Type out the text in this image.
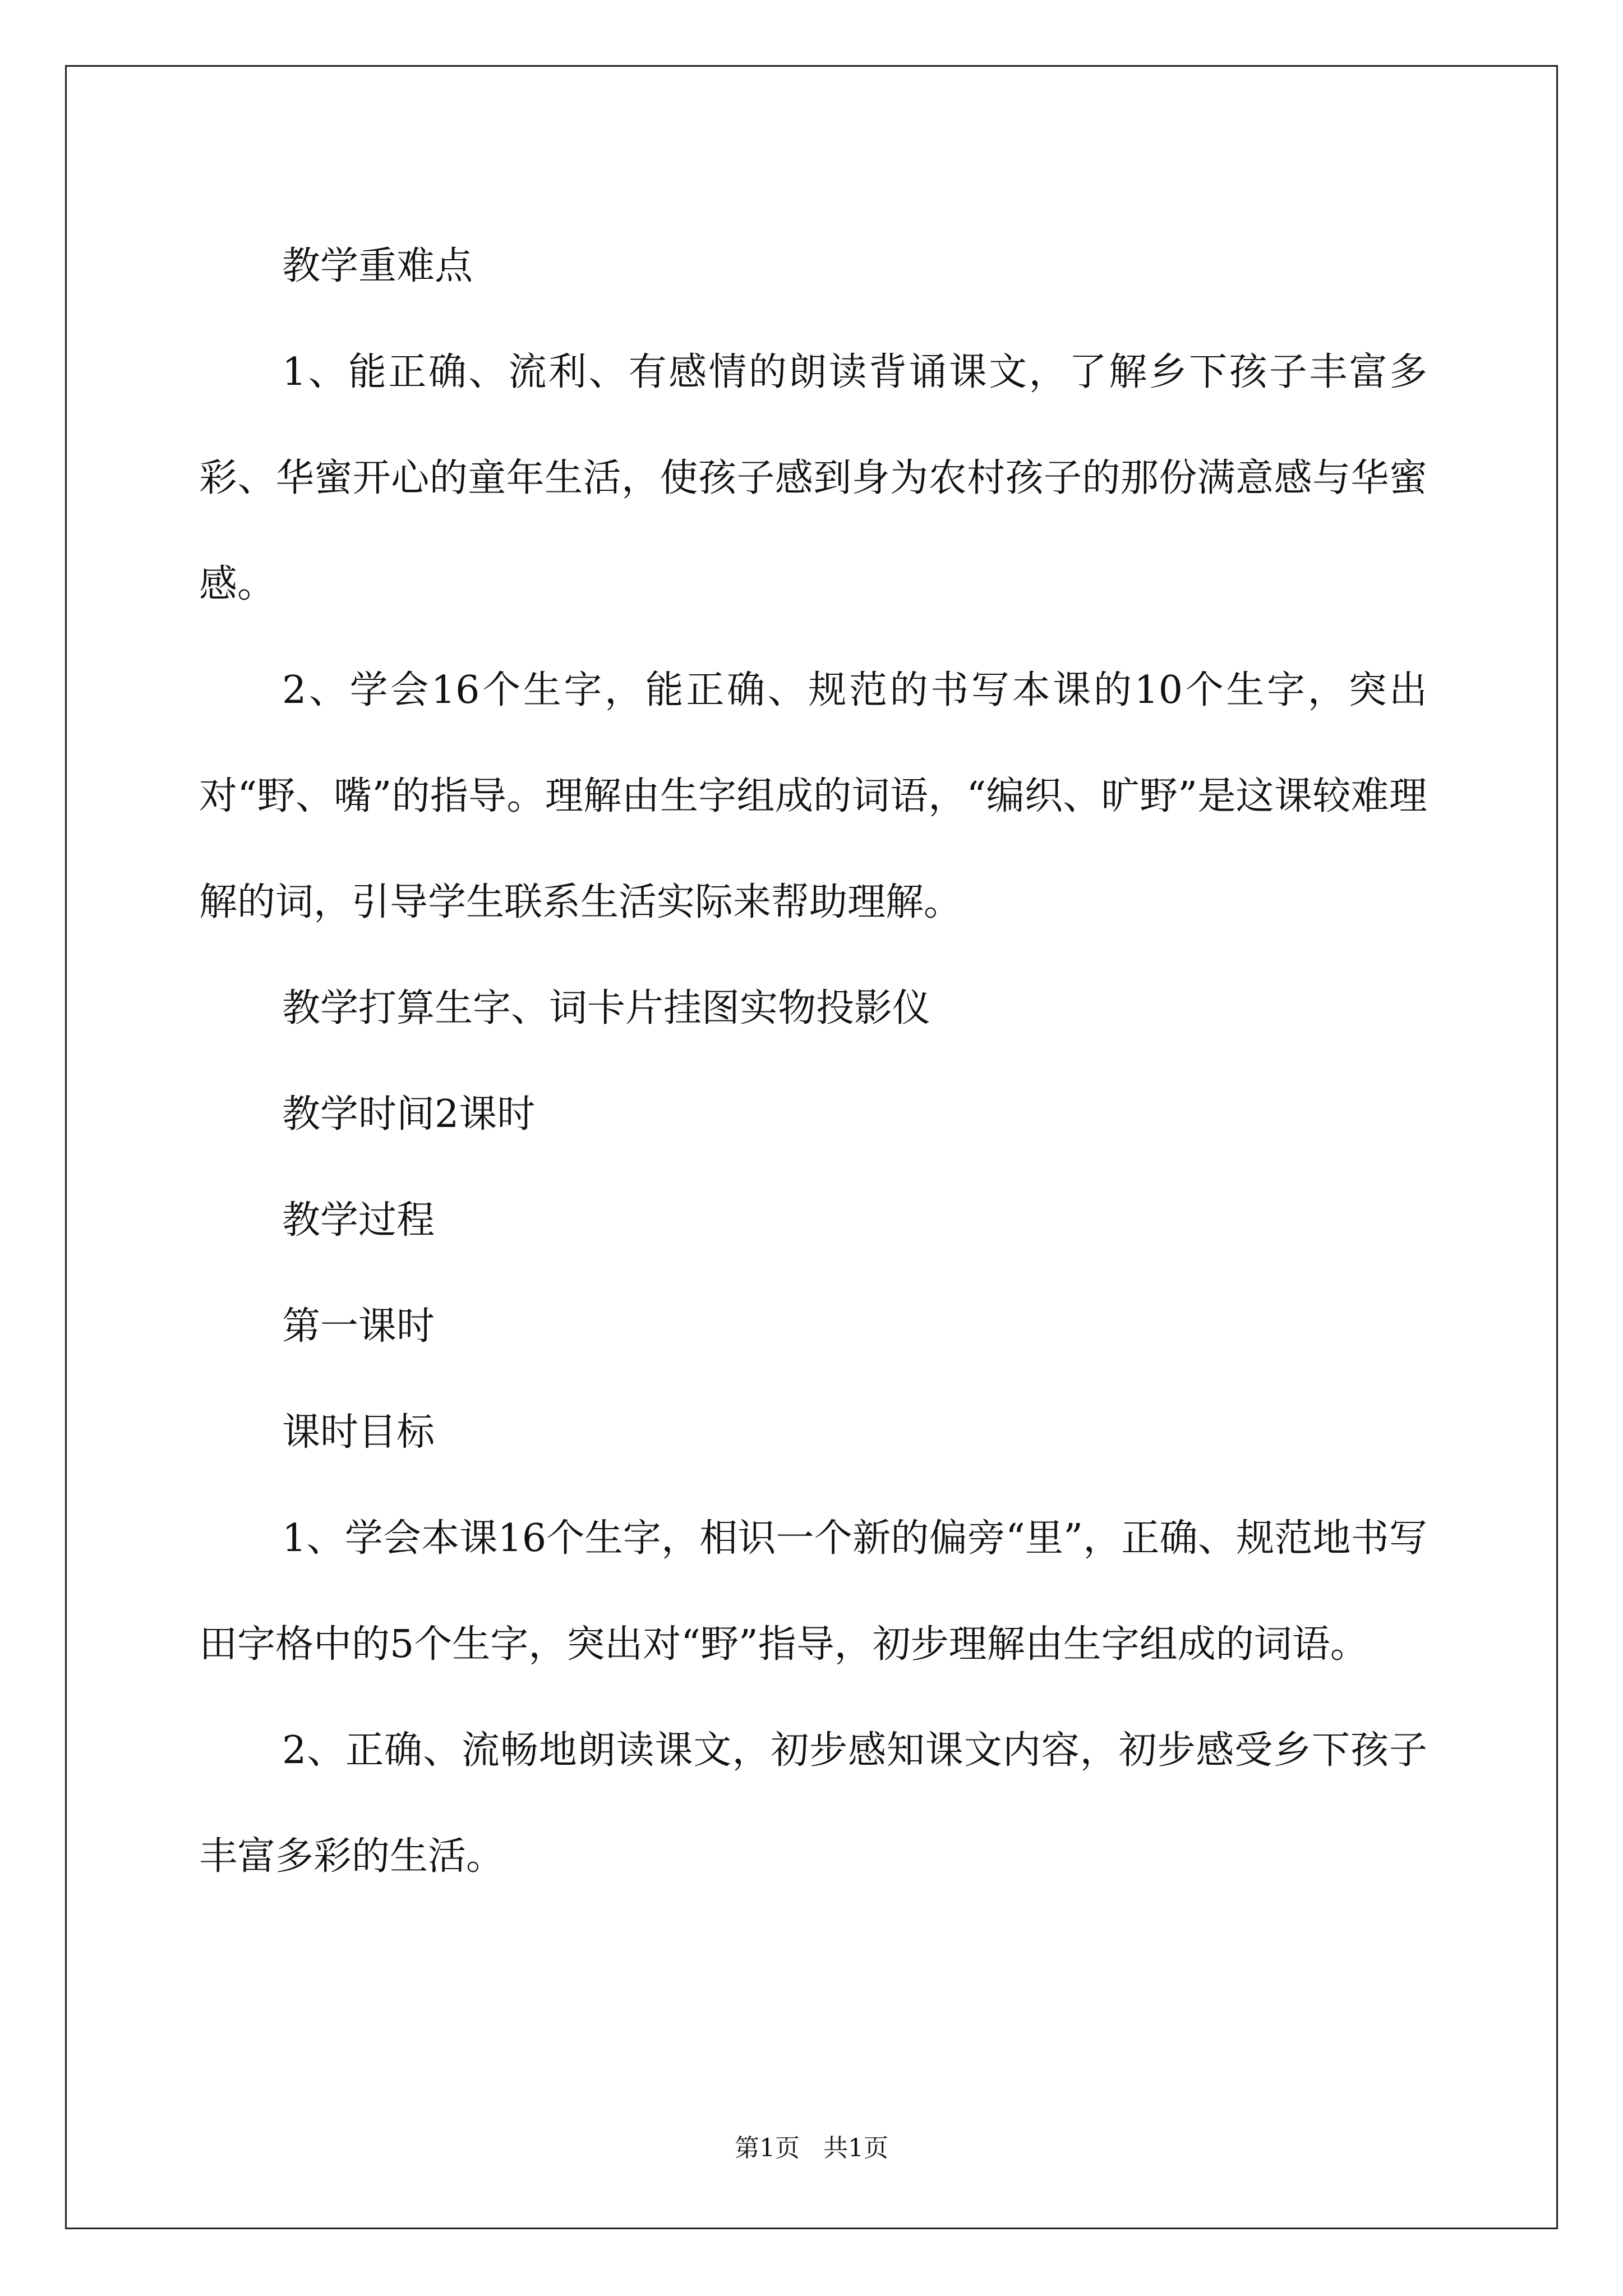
教学重难点

1、能正确、流利、有感情的朗读背诵课文，了解乡下孩子丰富多彩、华蜜开心的童年生活，使孩子感到身为农村孩子的那份满意感与华蜜感。

2、学会16个生字，能正确、规范的书写本课的10个生字，突出对“野、嘴”的指导。理解由生字组成的词语，“编织、旷野”是这课较难理解的词，引导学生联系生活实际来帮助理解。

教学打算生字、词卡片挂图实物投影仪

教学时间2课时

教学过程

第一课时

课时目标

1、学会本课16个生字，相识一个新的偏旁“里”，正确、规范地书写田字格中的5个生字，突出对“野”指导，初步理解由生字组成的词语。

2、正确、流畅地朗读课文，初步感知课文内容，初步感受乡下孩子丰富多彩的生活。

第1页 共1页
